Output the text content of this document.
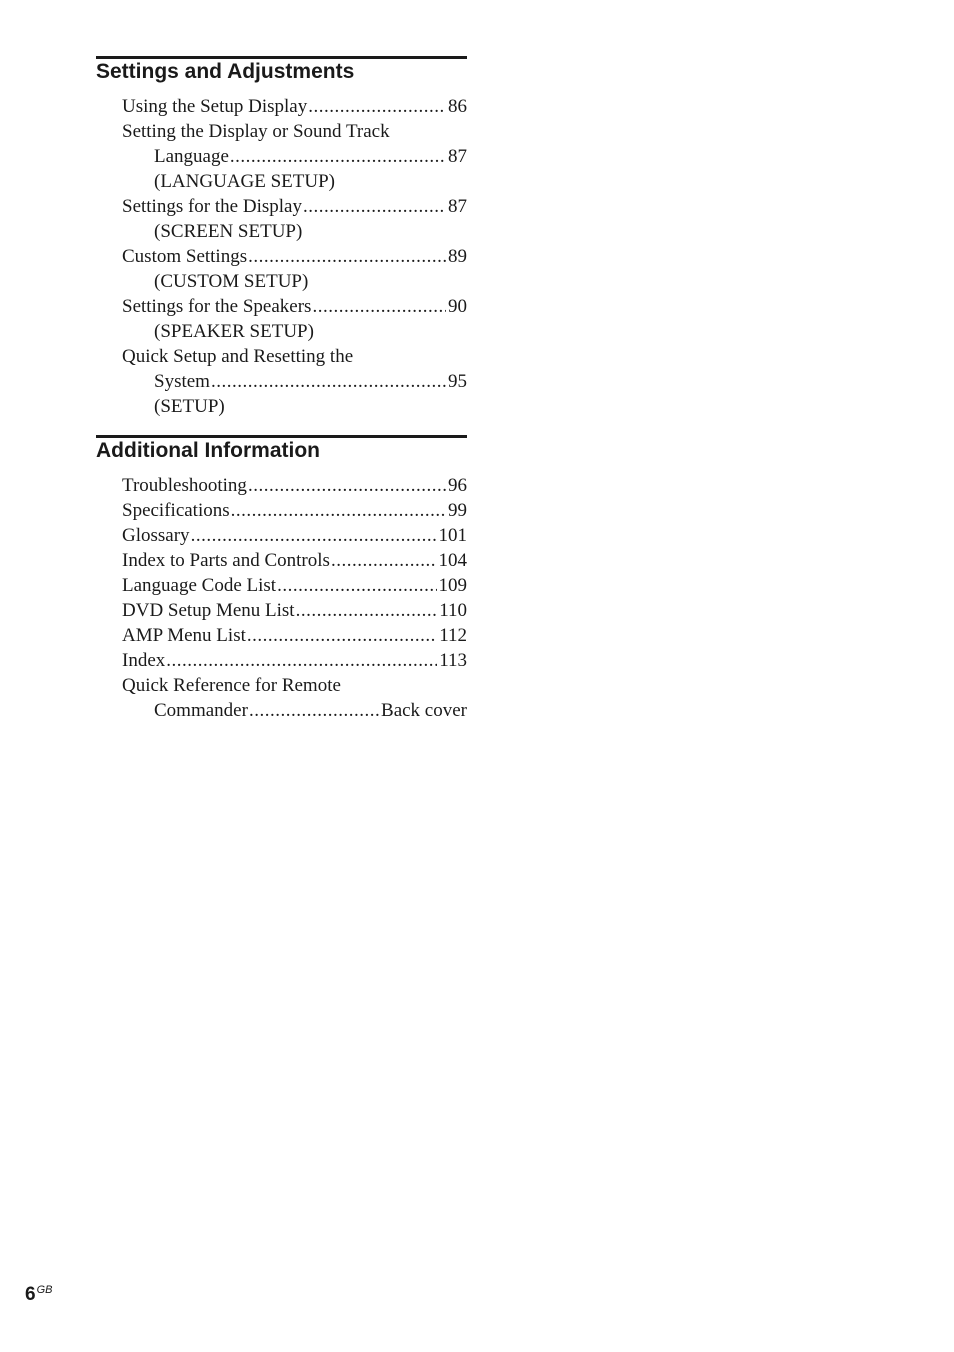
Settings and Adjustments
Using the Setup Display .....	86
Setting the Display or Sound Track
Language .....	87
(LANGUAGE SETUP)
Settings for the Display .....	87
(SCREEN SETUP)
Custom Settings .....	89
(CUSTOM SETUP)
Settings for the Speakers .....	90
(SPEAKER SETUP)
Quick Setup and Resetting the
System .....	95
(SETUP)
Additional Information
Troubleshooting .....	96
Specifications .....	99
Glossary .....	101
Index to Parts and Controls .....	104
Language Code List .....	109
DVD Setup Menu List .....	110
AMP Menu List .....	112
Index .....	113
Quick Reference for Remote
Commander .....	Back cover
$6^{GB}$
